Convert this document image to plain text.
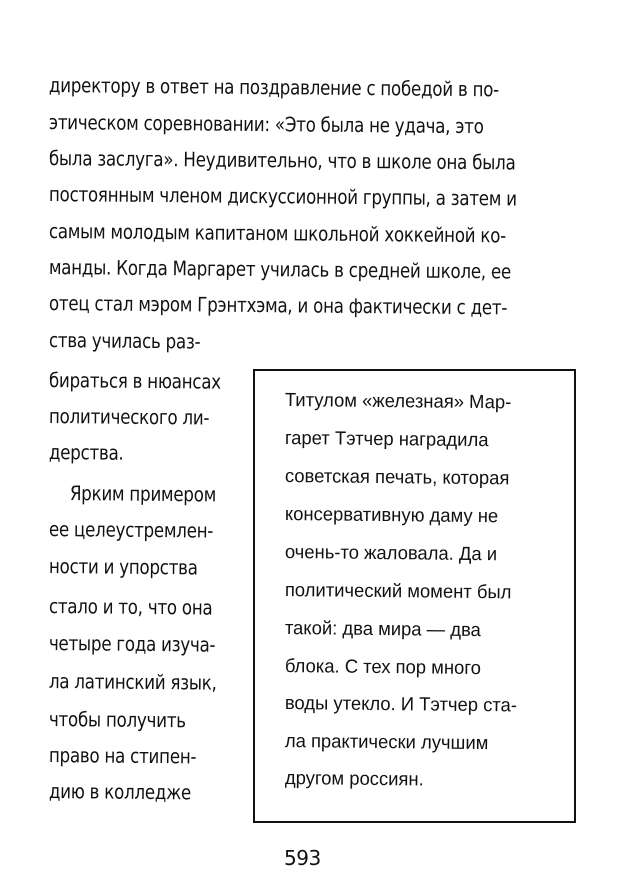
директору в ответ на поздравление с победой в по-
этическом соревновании: «Это была не удача, это
была заслуга». Неудивительно, что в школе она была
постоянным членом дискуссионной группы, а затем и
самым молодым капитаном школьной хоккейной ко-
манды. Когда Маргарет училась в средней школе, ее
отец стал мэром Грэнтхэма, и она фактически с дет-
ства училась раз-
бираться в нюансах
политического ли-
дерства.
Ярким примером
ее целеустремлен-
ности и упорства
стало и то, что она
четыре года изуча-
ла латинский язык,
чтобы получить
право на стипен-
дию в колледже
Титулом «железная» Мар-
гарет Тэтчер наградила
советская печать, которая
консервативную даму не
очень-то жаловала. Да и
политический момент был
такой: два мира — два
блока. С тех пор много
воды утекло. И Тэтчер ста-
ла практически лучшим
другом россиян.
593
